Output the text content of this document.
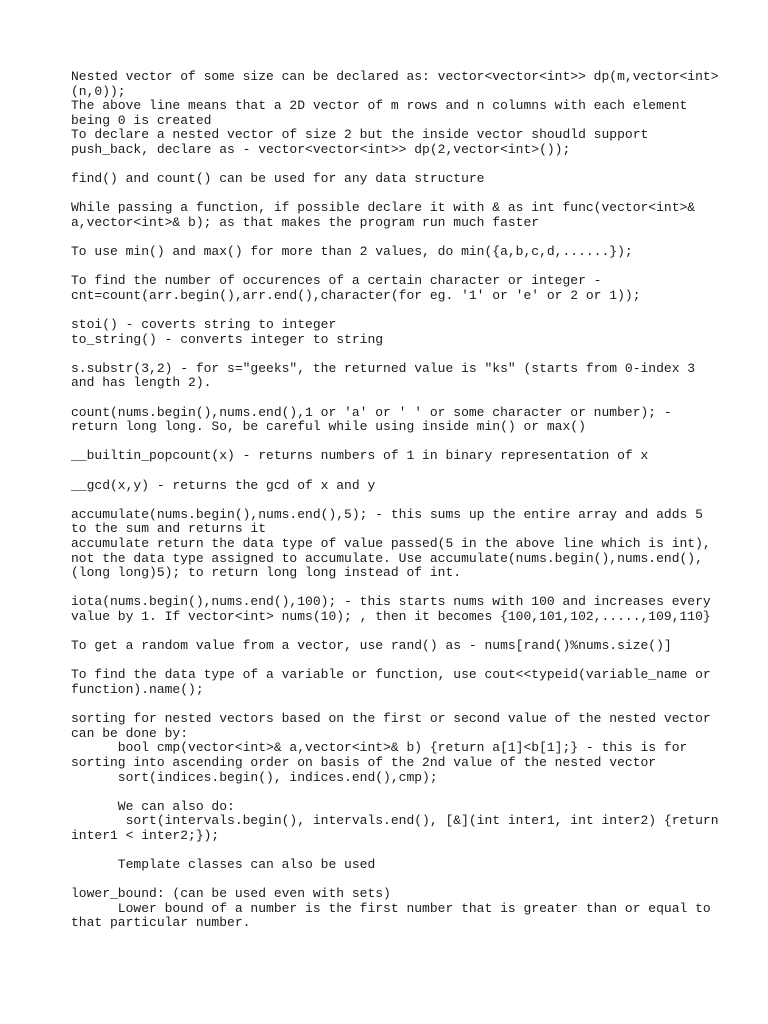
Nested vector of some size can be declared as: vector<vector<int>> dp(m,vector<int>
(n,0));
The above line means that a 2D vector of m rows and n columns with each element
being 0 is created
To declare a nested vector of size 2 but the inside vector shoudld support
push_back, declare as - vector<vector<int>> dp(2,vector<int>());
find() and count() can be used for any data structure
While passing a function, if possible declare it with & as int func(vector<int>&
a,vector<int>& b); as that makes the program run much faster
To use min() and max() for more than 2 values, do min({a,b,c,d,......});
To find the number of occurences of a certain character or integer -
cnt=count(arr.begin(),arr.end(),character(for eg. '1' or 'e' or 2 or 1));
stoi() - coverts string to integer
to_string() - converts integer to string
s.substr(3,2) - for s="geeks", the returned value is "ks" (starts from 0-index 3
and has length 2).
count(nums.begin(),nums.end(),1 or 'a' or ' ' or some character or number); -
return long long. So, be careful while using inside min() or max()
__builtin_popcount(x) - returns numbers of 1 in binary representation of x
__gcd(x,y) - returns the gcd of x and y
accumulate(nums.begin(),nums.end(),5); - this sums up the entire array and adds 5
to the sum and returns it
accumulate return the data type of value passed(5 in the above line which is int),
not the data type assigned to accumulate. Use accumulate(nums.begin(),nums.end(),
(long long)5); to return long long instead of int.
iota(nums.begin(),nums.end(),100); - this starts nums with 100 and increases every
value by 1. If vector<int> nums(10); , then it becomes {100,101,102,.....,109,110}
To get a random value from a vector, use rand() as - nums[rand()%nums.size()]
To find the data type of a variable or function, use cout<<typeid(variable_name or
function).name();
sorting for nested vectors based on the first or second value of the nested vector
can be done by:
bool cmp(vector<int>& a,vector<int>& b) {return a[1]<b[1];} - this is for
sorting into ascending order on basis of the 2nd value of the nested vector
sort(indices.begin(), indices.end(),cmp);
We can also do:
sort(intervals.begin(), intervals.end(), [&](int inter1, int inter2) {return
inter1 < inter2;});
Template classes can also be used
lower_bound: (can be used even with sets)
Lower bound of a number is the first number that is greater than or equal to
that particular number.
